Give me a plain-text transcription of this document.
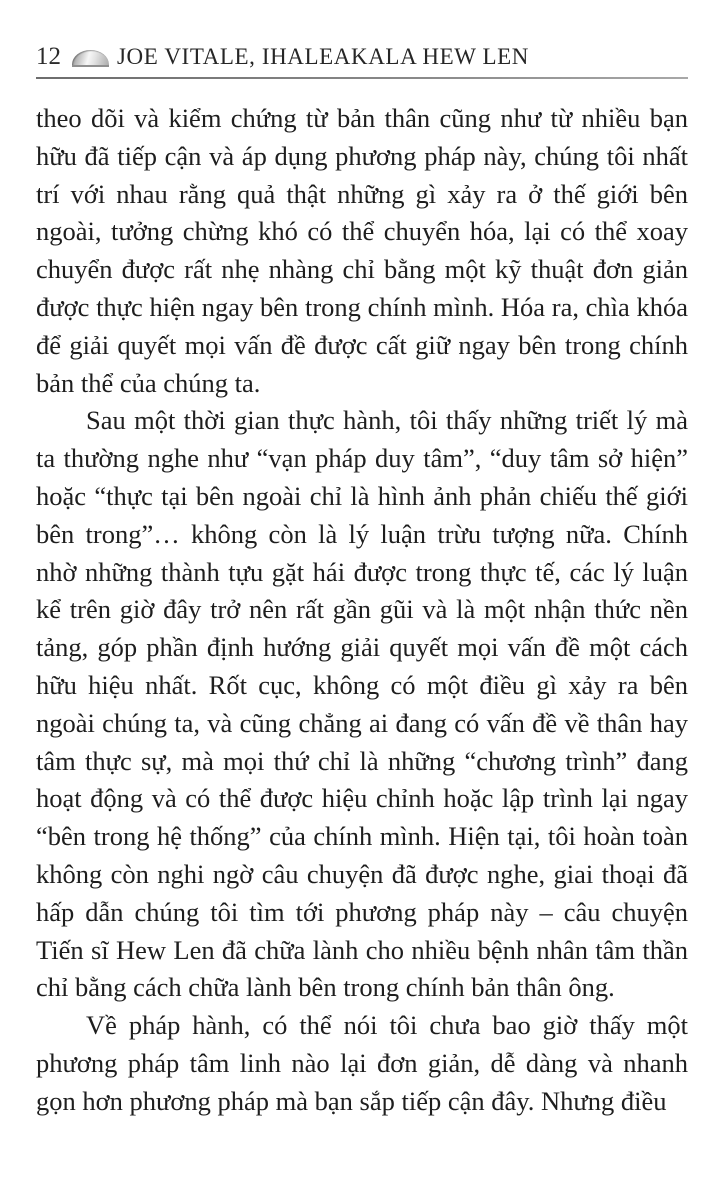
12 JOE VITALE, IHALEAKALA HEW LEN

theo dõi và kiểm chứng từ bản thân cũng như từ nhiều bạn hữu đã tiếp cận và áp dụng phương pháp này, chúng tôi nhất trí với nhau rằng quả thật những gì xảy ra ở thế giới bên ngoài, tưởng chừng khó có thể chuyển hóa, lại có thể xoay chuyển được rất nhẹ nhàng chỉ bằng một kỹ thuật đơn giản được thực hiện ngay bên trong chính mình. Hóa ra, chìa khóa để giải quyết mọi vấn đề được cất giữ ngay bên trong chính bản thể của chúng ta.

Sau một thời gian thực hành, tôi thấy những triết lý mà ta thường nghe như “vạn pháp duy tâm”, “duy tâm sở hiện” hoặc “thực tại bên ngoài chỉ là hình ảnh phản chiếu thế giới bên trong”… không còn là lý luận trừu tượng nữa. Chính nhờ những thành tựu gặt hái được trong thực tế, các lý luận kể trên giờ đây trở nên rất gần gũi và là một nhận thức nền tảng, góp phần định hướng giải quyết mọi vấn đề một cách hữu hiệu nhất. Rốt cục, không có một điều gì xảy ra bên ngoài chúng ta, và cũng chẳng ai đang có vấn đề về thân hay tâm thực sự, mà mọi thứ chỉ là những “chương trình” đang hoạt động và có thể được hiệu chỉnh hoặc lập trình lại ngay “bên trong hệ thống” của chính mình. Hiện tại, tôi hoàn toàn không còn nghi ngờ câu chuyện đã được nghe, giai thoại đã hấp dẫn chúng tôi tìm tới phương pháp này – câu chuyện Tiến sĩ Hew Len đã chữa lành cho nhiều bệnh nhân tâm thần chỉ bằng cách chữa lành bên trong chính bản thân ông.

Về pháp hành, có thể nói tôi chưa bao giờ thấy một phương pháp tâm linh nào lại đơn giản, dễ dàng và nhanh gọn hơn phương pháp mà bạn sắp tiếp cận đây. Nhưng điều
